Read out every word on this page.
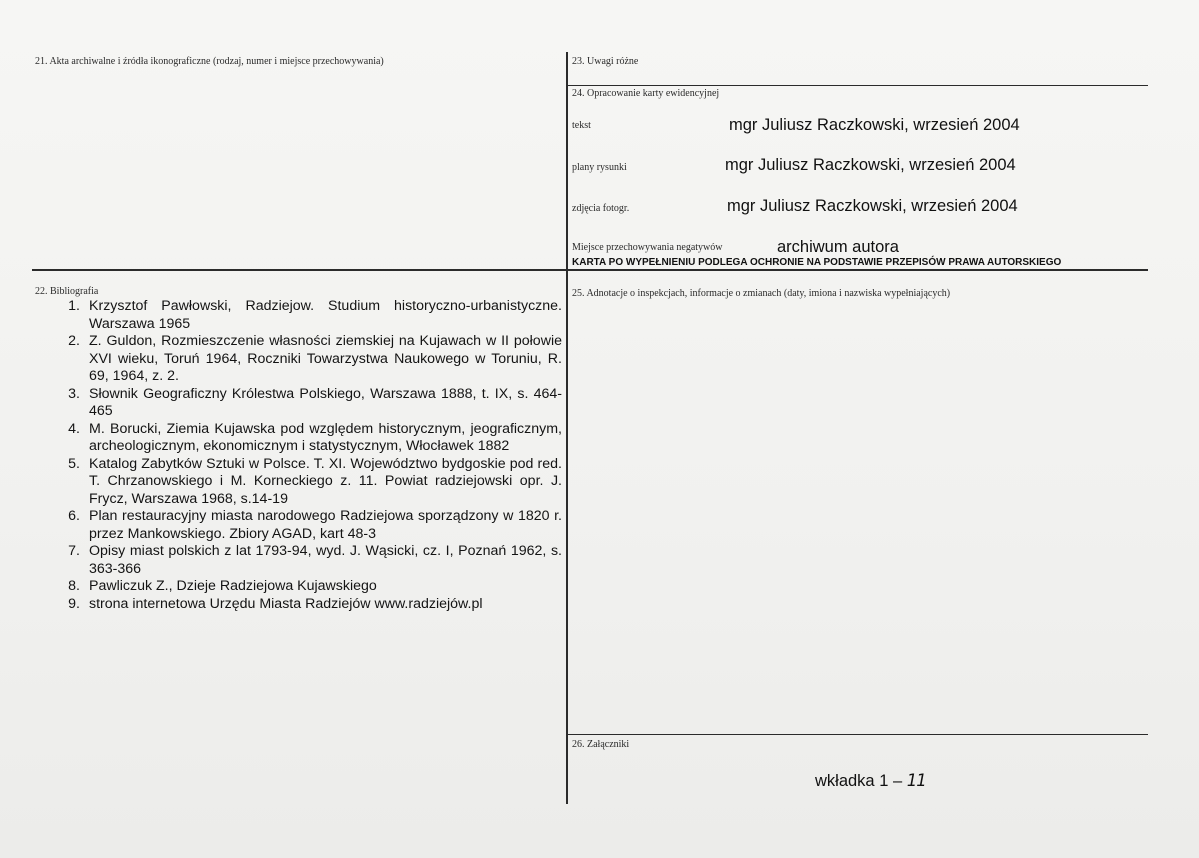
21. Akta archiwalne i źródła ikonograficzne (rodzaj, numer i miejsce przechowywania)	23. Uwagi różne
24. Opracowanie karty ewidencyjnej
tekst	mgr Juliusz Raczkowski, wrzesień 2004
plany rysunki	mgr Juliusz Raczkowski, wrzesień 2004
zdjęcia fotogr.	mgr Juliusz Raczkowski, wrzesień 2004
Miejsce przechowywania negatywów	archiwum autora
KARTA PO WYPEŁNIENIU PODLEGA OCHRONIE NA PODSTAWIE PRZEPISÓW PRAWA AUTORSKIEGO
22. Bibliografia
1. Krzysztof Pawłowski, Radziejow. Studium historyczno-urbanistyczne. Warszawa 1965
2. Z. Guldon, Rozmieszczenie własności ziemskiej na Kujawach w II połowie XVI wieku, Toruń 1964, Roczniki Towarzystwa Naukowego w Toruniu, R. 69, 1964, z. 2.
3. Słownik Geograficzny Królestwa Polskiego, Warszawa 1888, t. IX, s. 464-465
4. M. Borucki, Ziemia Kujawska pod względem historycznym, jeograficznym, archeologicznym, ekonomicznym i statystycznym, Włocławek 1882
5. Katalog Zabytków Sztuki w Polsce. T. XI. Województwo bydgoskie pod red. T. Chrzanowskiego i M. Korneckiego z. 11. Powiat radziejowski opr. J. Frycz, Warszawa 1968, s.14-19
6. Plan restauracyjny miasta narodowego Radziejowa sporządzony w 1820 r. przez Mankowskiego. Zbiory AGAD, kart 48-3
7. Opisy miast polskich z lat 1793-94, wyd. J. Wąsicki, cz. I, Poznań 1962, s. 363-366
8. Pawliczuk Z., Dzieje Radziejowa Kujawskiego
9. strona internetowa Urzędu Miasta Radziejów www.radziejów.pl
25. Adnotacje o inspekcjach, informacje o zmianach (daty, imiona i nazwiska wypełniających)
26. Załączniki
wkładka 1 – 11
